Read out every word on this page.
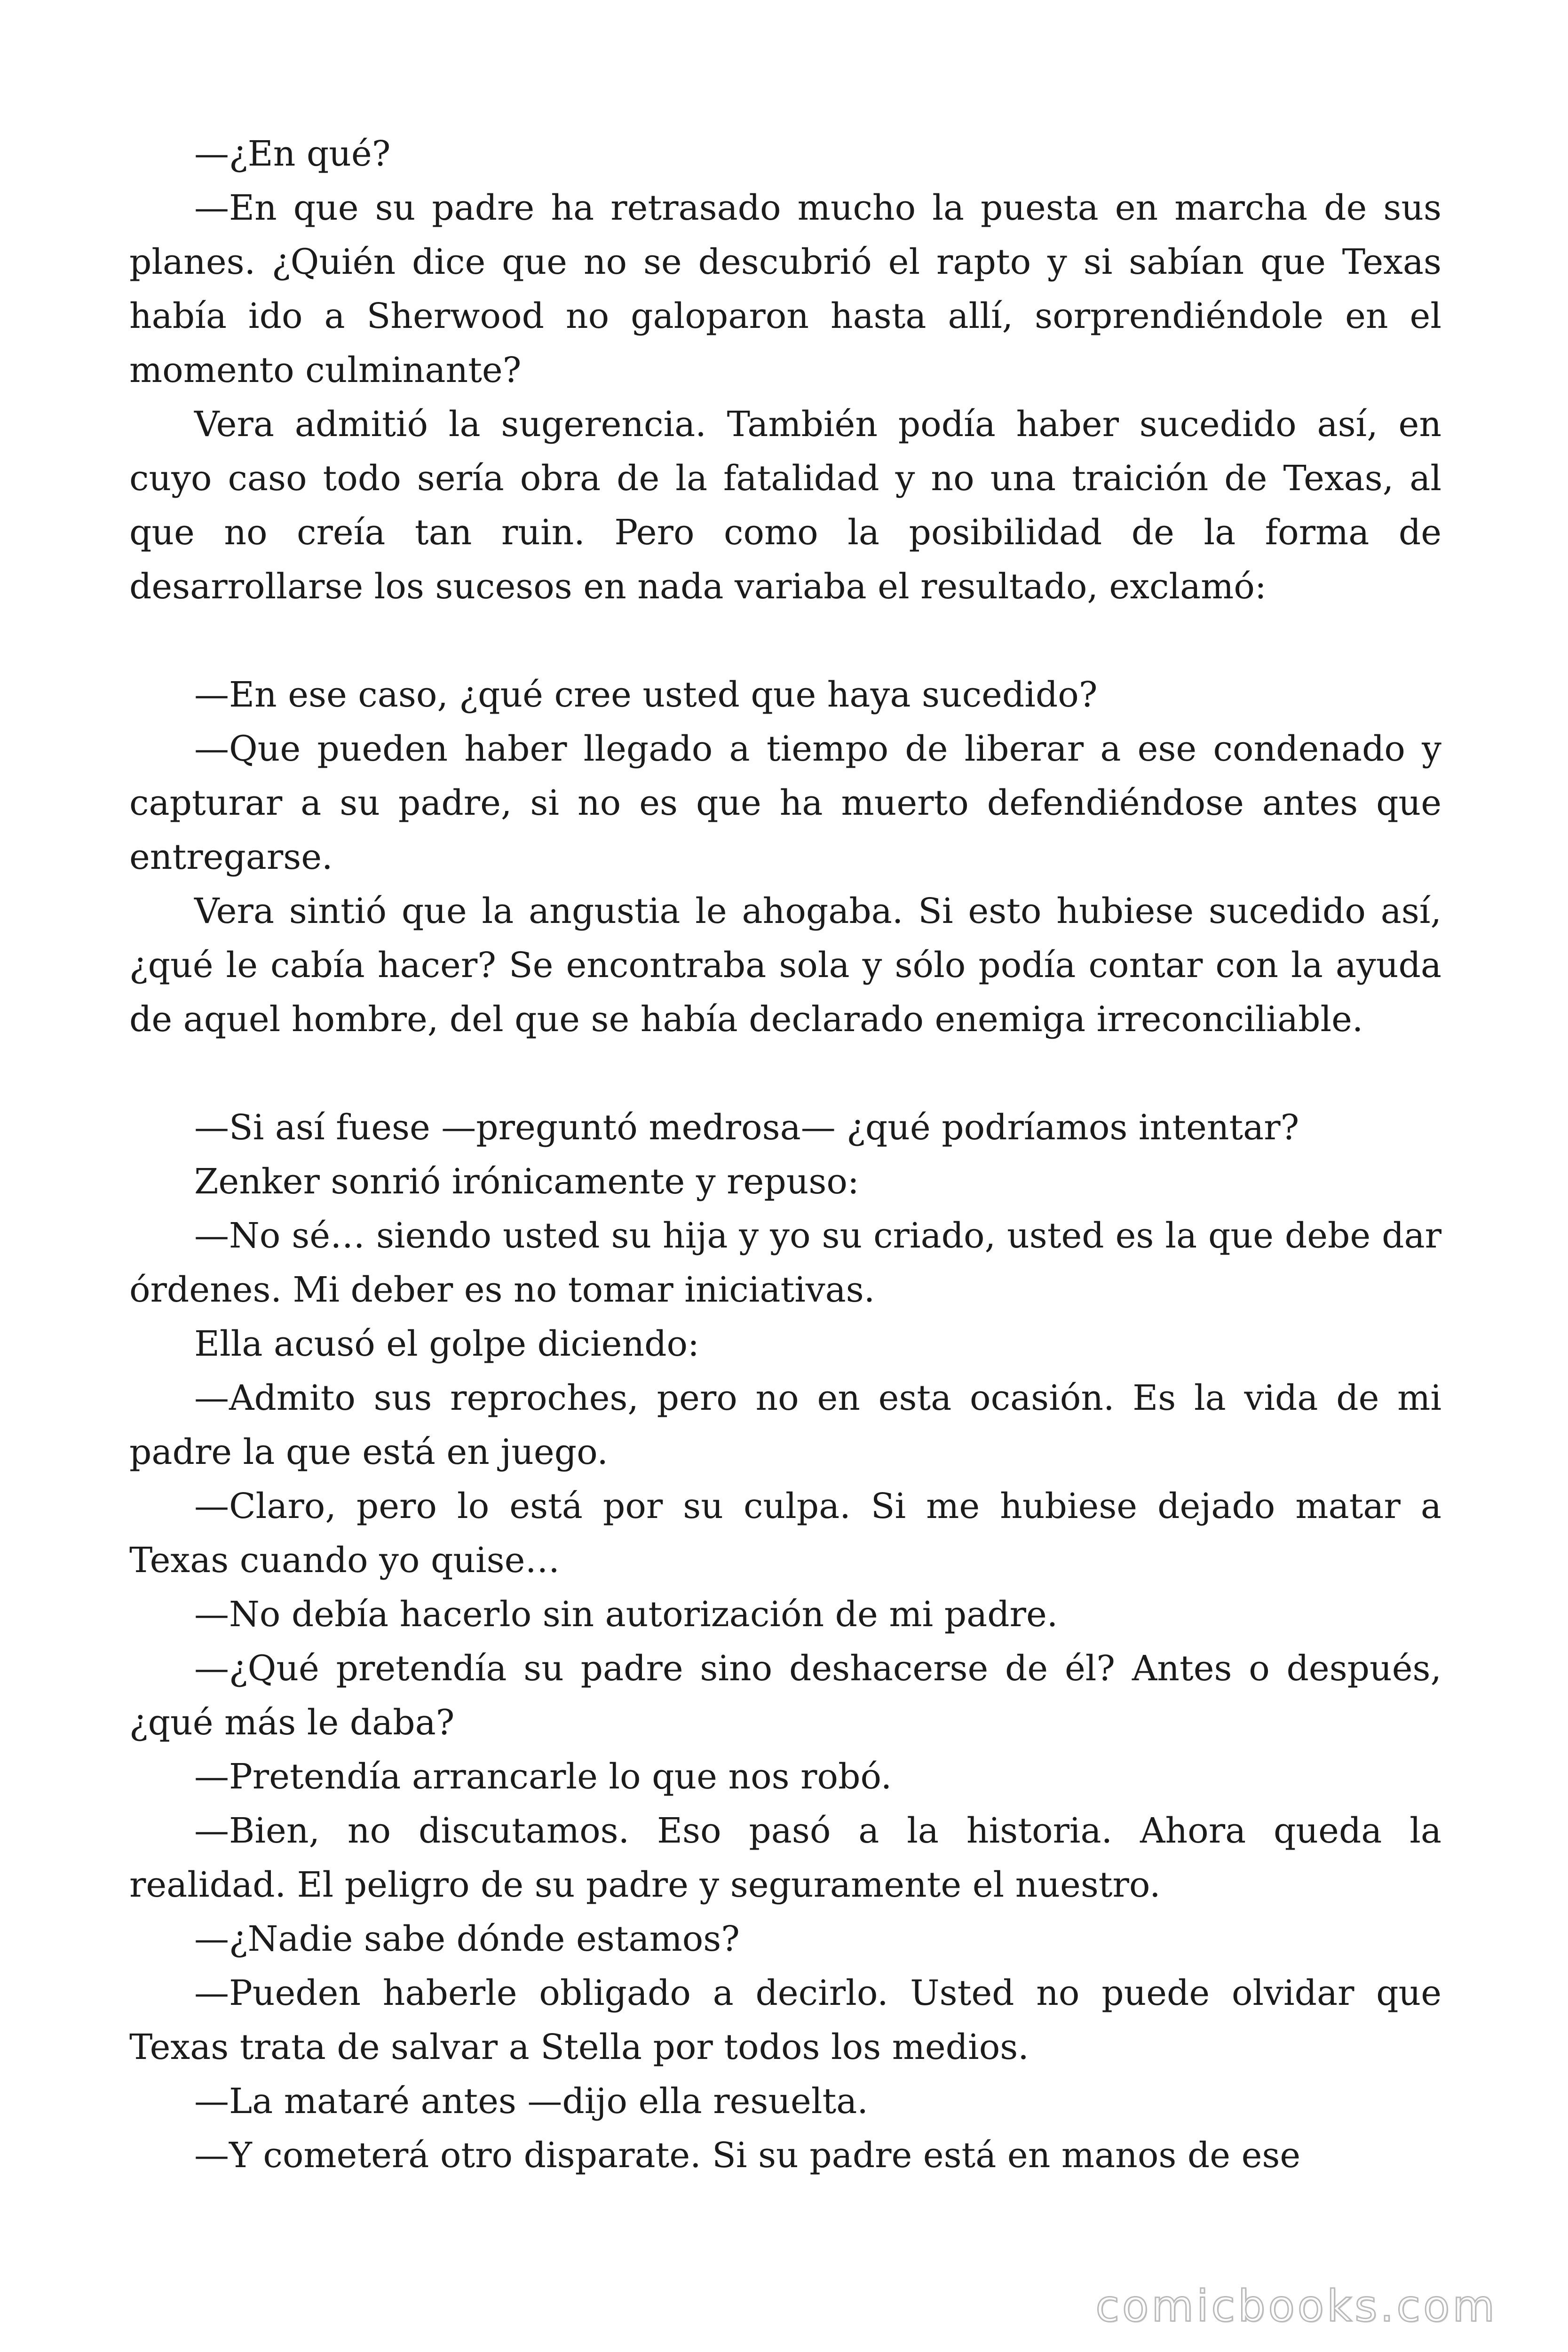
—¿En qué?

—En que su padre ha retrasado mucho la puesta en marcha de sus planes. ¿Quién dice que no se descubrió el rapto y si sabían que Texas había ido a Sherwood no galoparon hasta allí, sorprendiéndole en el momento culminante?

Vera admitió la sugerencia. También podía haber sucedido así, en cuyo caso todo sería obra de la fatalidad y no una traición de Texas, al que no creía tan ruin. Pero como la posibilidad de la forma de desarrollarse los sucesos en nada variaba el resultado, exclamó:

—En ese caso, ¿qué cree usted que haya sucedido?

—Que pueden haber llegado a tiempo de liberar a ese condenado y capturar a su padre, si no es que ha muerto defendiéndose antes que entregarse.

Vera sintió que la angustia le ahogaba. Si esto hubiese sucedido así, ¿qué le cabía hacer? Se encontraba sola y sólo podía contar con la ayuda de aquel hombre, del que se había declarado enemiga irreconciliable.

—Si así fuese —preguntó medrosa— ¿qué podríamos intentar?

Zenker sonrió irónicamente y repuso:

—No sé… siendo usted su hija y yo su criado, usted es la que debe dar órdenes. Mi deber es no tomar iniciativas.

Ella acusó el golpe diciendo:

—Admito sus reproches, pero no en esta ocasión. Es la vida de mi padre la que está en juego.

—Claro, pero lo está por su culpa. Si me hubiese dejado matar a Texas cuando yo quise…

—No debía hacerlo sin autorización de mi padre.

—¿Qué pretendía su padre sino deshacerse de él? Antes o después, ¿qué más le daba?

—Pretendía arrancarle lo que nos robó.

—Bien, no discutamos. Eso pasó a la historia. Ahora queda la realidad. El peligro de su padre y seguramente el nuestro.

—¿Nadie sabe dónde estamos?

—Pueden haberle obligado a decirlo. Usted no puede olvidar que Texas trata de salvar a Stella por todos los medios.

—La mataré antes —dijo ella resuelta.

—Y cometerá otro disparate. Si su padre está en manos de ese

comicbooks.com
